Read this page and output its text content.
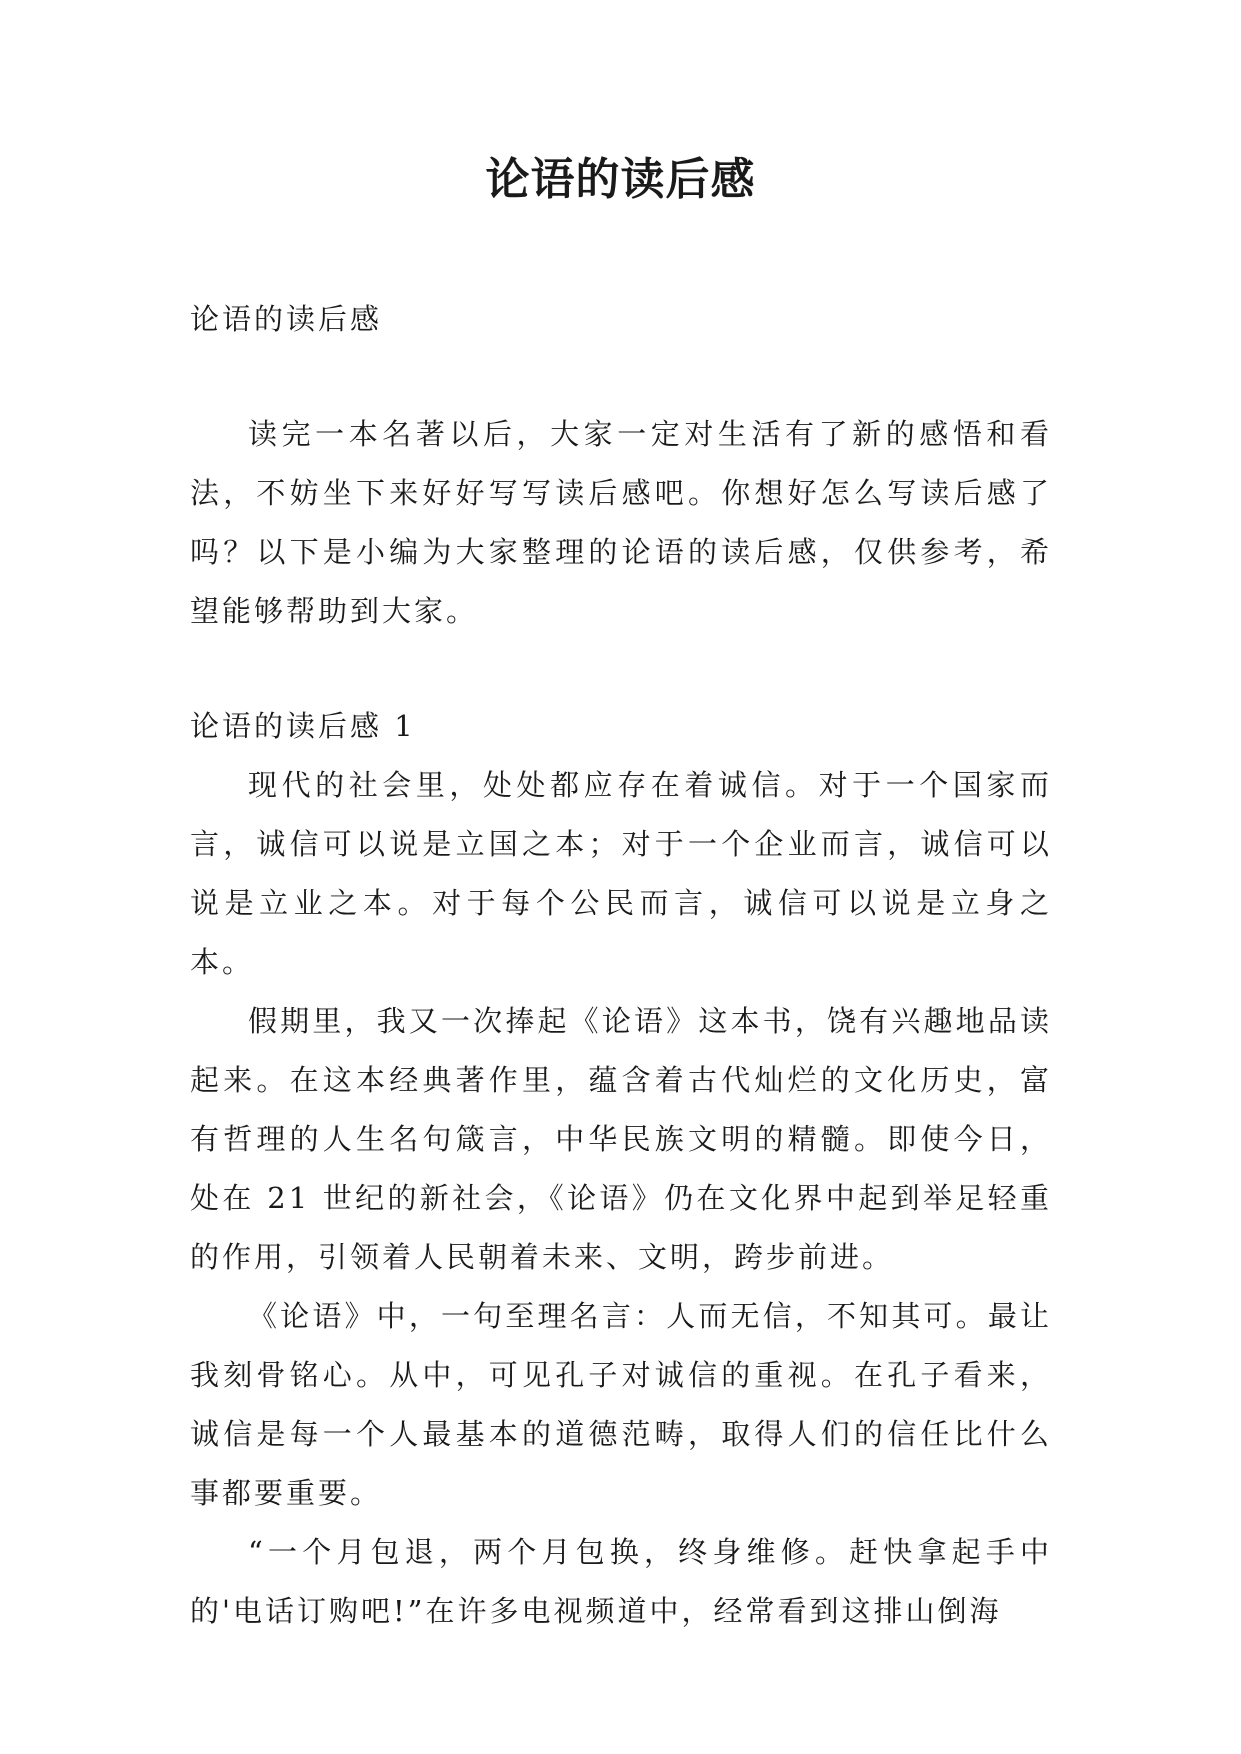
论语的读后感

论语的读后感

读完一本名著以后，大家一定对生活有了新的感悟和看法，不妨坐下来好好写写读后感吧。你想好怎么写读后感了吗？以下是小编为大家整理的论语的读后感，仅供参考，希望能够帮助到大家。

论语的读后感 1

现代的社会里，处处都应存在着诚信。对于一个国家而言，诚信可以说是立国之本；对于一个企业而言，诚信可以说是立业之本。对于每个公民而言，诚信可以说是立身之本。

假期里，我又一次捧起《论语》这本书，饶有兴趣地品读起来。在这本经典著作里，蕴含着古代灿烂的文化历史，富有哲理的人生名句箴言，中华民族文明的精髓。即使今日，处在 21 世纪的新社会，《论语》仍在文化界中起到举足轻重的作用，引领着人民朝着未来、文明，跨步前进。

《论语》中，一句至理名言：人而无信，不知其可。最让我刻骨铭心。从中，可见孔子对诚信的重视。在孔子看来，诚信是每一个人最基本的道德范畴，取得人们的信任比什么事都要重要。

“一个月包退，两个月包换，终身维修。赶快拿起手中的'电话订购吧!”在许多电视频道中，经常看到这排山倒海
